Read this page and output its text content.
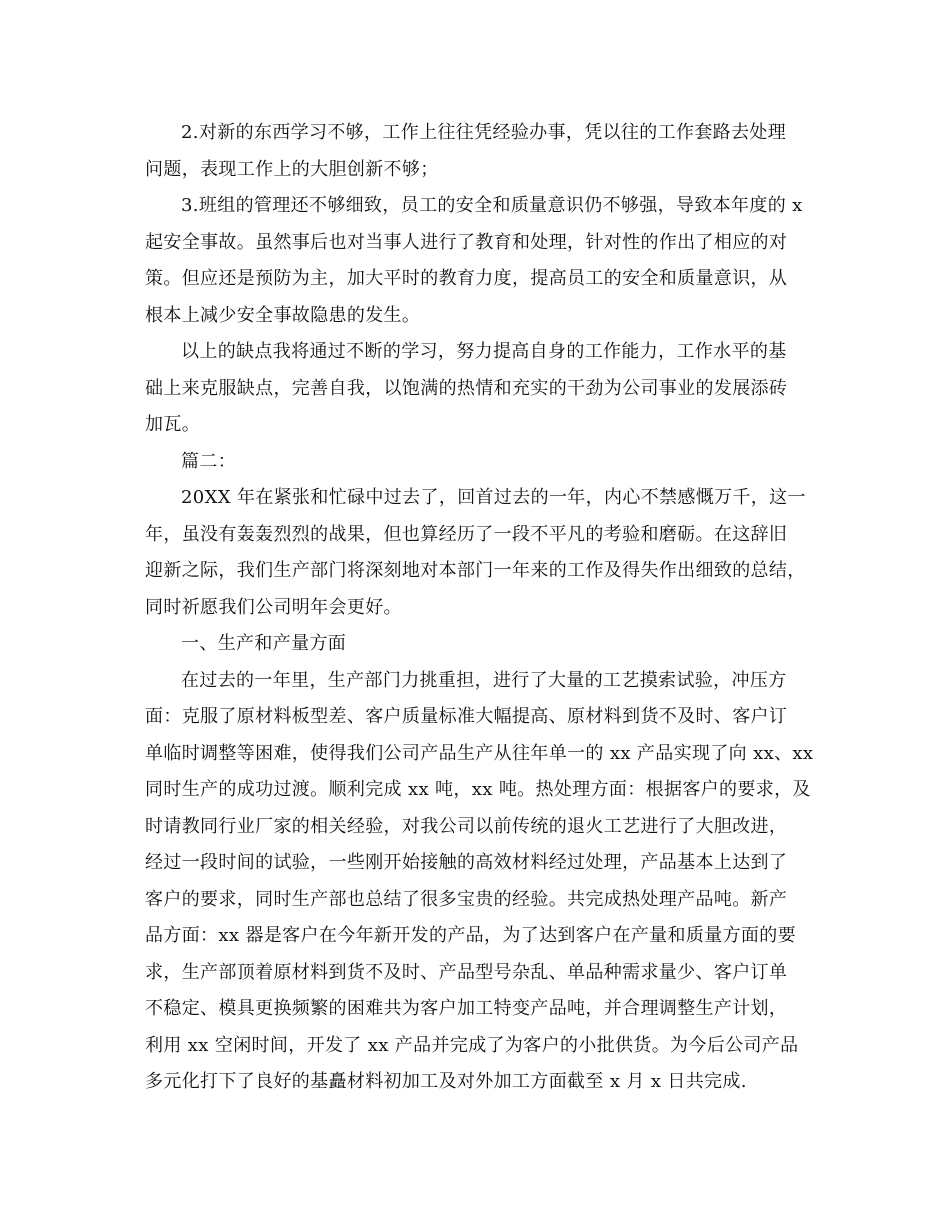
2.对新的东西学习不够，工作上往往凭经验办事，凭以往的工作套路去处理
问题，表现工作上的大胆创新不够；

3.班组的管理还不够细致，员工的安全和质量意识仍不够强，导致本年度的 x
起安全事故。虽然事后也对当事人进行了教育和处理，针对性的作出了相应的对
策。但应还是预防为主，加大平时的教育力度，提高员工的安全和质量意识，从
根本上减少安全事故隐患的发生。

以上的缺点我将通过不断的学习，努力提高自身的工作能力，工作水平的基
础上来克服缺点，完善自我，以饱满的热情和充实的干劲为公司事业的发展添砖
加瓦。

篇二：

20XX 年在紧张和忙碌中过去了，回首过去的一年，内心不禁感慨万千，这一
年，虽没有轰轰烈烈的战果，但也算经历了一段不平凡的考验和磨砺。在这辞旧
迎新之际，我们生产部门将深刻地对本部门一年来的工作及得失作出细致的总结，
同时祈愿我们公司明年会更好。

一、生产和产量方面

在过去的一年里，生产部门力挑重担，进行了大量的工艺摸索试验，冲压方
面：克服了原材料板型差、客户质量标准大幅提高、原材料到货不及时、客户订
单临时调整等困难，使得我们公司产品生产从往年单一的 xx 产品实现了向 xx、xx
同时生产的成功过渡。顺利完成 xx 吨，xx 吨。热处理方面：根据客户的要求，及
时请教同行业厂家的相关经验，对我公司以前传统的退火工艺进行了大胆改进，
经过一段时间的试验，一些刚开始接触的高效材料经过处理，产品基本上达到了
客户的要求，同时生产部也总结了很多宝贵的经验。共完成热处理产品吨。新产
品方面：xx 器是客户在今年新开发的产品，为了达到客户在产量和质量方面的要
求，生产部顶着原材料到货不及时、产品型号杂乱、单品种需求量少、客户订单
不稳定、模具更换频繁的困难共为客户加工特变产品吨，并合理调整生产计划，
利用 xx 空闲时间，开发了 xx 产品并完成了为客户的小批供货。为今后公司产品
多元化打下了良好的基矗材料初加工及对外加工方面截至 x 月 x 日共完成.
